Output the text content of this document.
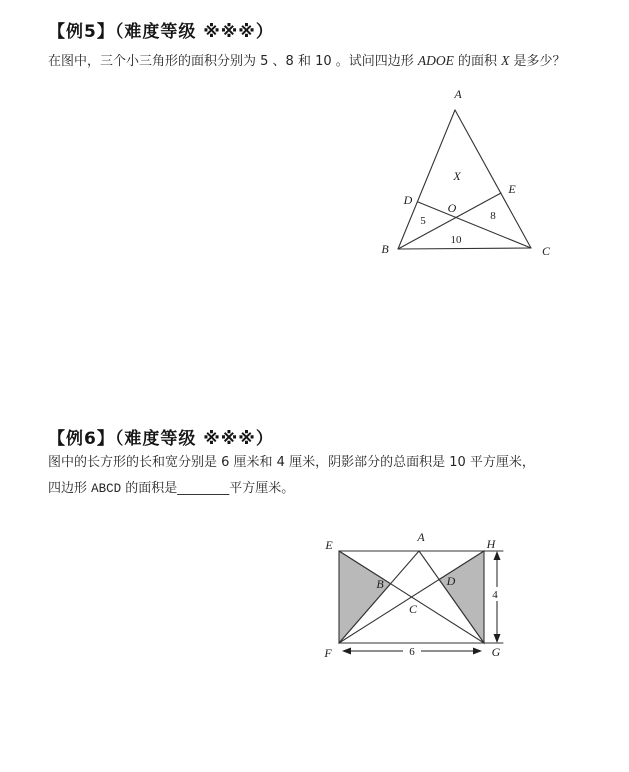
【例5】（难度等级 ※※※）
在图中，三个小三角形的面积分别为 5 、8 和 10 。试问四边形 ADOE 的面积 X 是多少？
A
B	C
D
E
O
X
5	8
10
【例6】（难度等级 ※※※）
图中的长方形的长和宽分别是 6 厘米和 4 厘米，阴影部分的总面积是 10 平方厘米，
四边形 ABCD 的面积是________平方厘米。
E
A	H
F	G
B	D
C
4
6
